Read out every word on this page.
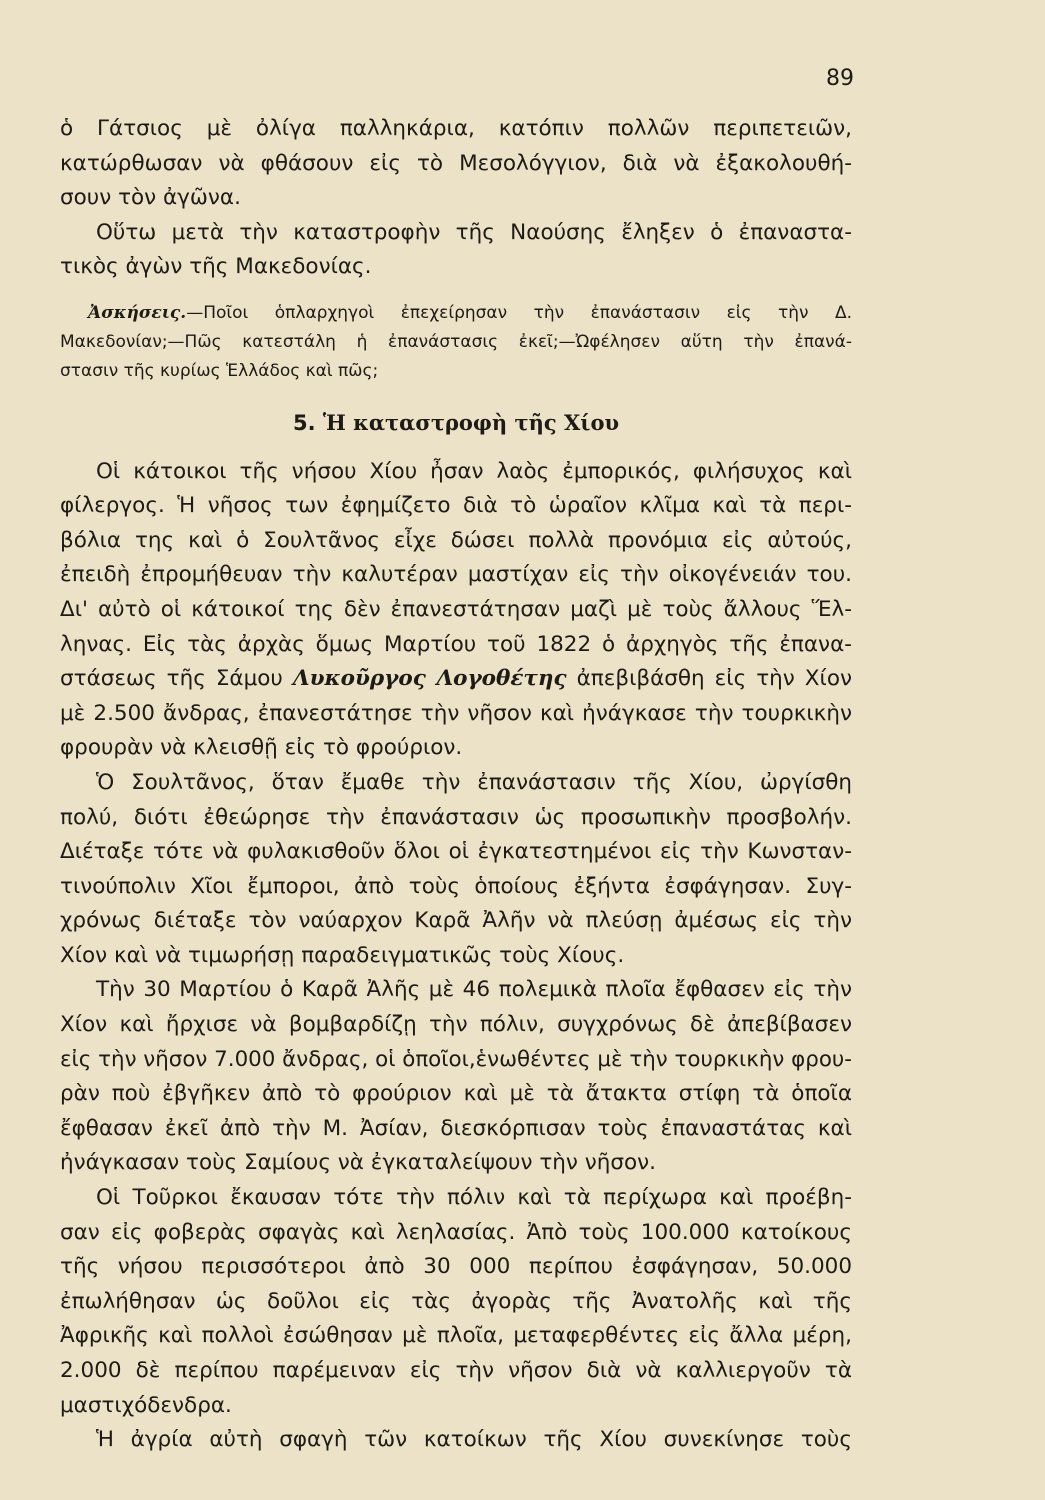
89
ὁ Γάτσιος μὲ ὀλίγα παλληκάρια, κατόπιν πολλῶν περιπετειῶν,
κατώρθωσαν νὰ φθάσουν εἰς τὸ Μεσολόγγιον, διὰ νὰ ἐξακολουθή-
σουν τὸν ἀγῶνα.
Οὕτω μετὰ τὴν καταστροφὴν τῆς Ναούσης ἔληξεν ὁ ἐπαναστα-
τικὸς ἀγὼν τῆς Μακεδονίας.
Ἀσκήσεις.—Ποῖοι ὁπλαρχηγοὶ ἐπεχείρησαν τὴν ἐπανάστασιν εἰς τὴν Δ.
Μακεδονίαν;—Πῶς κατεστάλη ἡ ἐπανάστασις ἐκεῖ;—Ὠφέλησεν αὕτη τὴν ἐπανά-
στασιν τῆς κυρίως Ἑλλάδος καὶ πῶς;
5. Ἡ καταστροφὴ τῆς Χίου
Οἱ κάτοικοι τῆς νήσου Χίου ἦσαν λαὸς ἐμπορικός, φιλήσυχος καὶ
φίλεργος. Ἡ νῆσος των ἐφημίζετο διὰ τὸ ὡραῖον κλῖμα καὶ τὰ περι-
βόλια της καὶ ὁ Σουλτᾶνος εἶχε δώσει πολλὰ προνόμια εἰς αὐτούς,
ἐπειδὴ ἐπρομήθευαν τὴν καλυτέραν μαστίχαν εἰς τὴν οἰκογένειάν του.
Δι' αὐτὸ οἱ κάτοικοί της δὲν ἐπανεστάτησαν μαζὶ μὲ τοὺς ἄλλους Ἕλ-
ληνας. Εἰς τὰς ἀρχὰς ὅμως Μαρτίου τοῦ 1822 ὁ ἀρχηγὸς τῆς ἐπανα-
στάσεως τῆς Σάμου Λυκοῦργος Λογοθέτης ἀπεβιβάσθη εἰς τὴν Χίον
μὲ 2.500 ἄνδρας, ἐπανεστάτησε τὴν νῆσον καὶ ἠνάγκασε τὴν τουρκικὴν
φρουρὰν νὰ κλεισθῇ εἰς τὸ φρούριον.
Ὁ Σουλτᾶνος, ὅταν ἔμαθε τὴν ἐπανάστασιν τῆς Χίου, ὠργίσθη
πολύ, διότι ἐθεώρησε τὴν ἐπανάστασιν ὡς προσωπικὴν προσβολήν.
Διέταξε τότε νὰ φυλακισθοῦν ὅλοι οἱ ἐγκατεστημένοι εἰς τὴν Κωνσταν-
τινούπολιν Χῖοι ἔμποροι, ἀπὸ τοὺς ὁποίους ἐξήντα ἐσφάγησαν. Συγ-
χρόνως διέταξε τὸν ναύαρχον Καρᾶ Ἀλῆν νὰ πλεύσῃ ἀμέσως εἰς τὴν
Χίον καὶ νὰ τιμωρήσῃ παραδειγματικῶς τοὺς Χίους.
Τὴν 30 Μαρτίου ὁ Καρᾶ Ἀλῆς μὲ 46 πολεμικὰ πλοῖα ἔφθασεν εἰς τὴν
Χίον καὶ ἤρχισε νὰ βομβαρδίζῃ τὴν πόλιν, συγχρόνως δὲ ἀπεβίβασεν
εἰς τὴν νῆσον 7.000 ἄνδρας, οἱ ὁποῖοι,ἑνωθέντες μὲ τὴν τουρκικὴν φρου-
ρὰν ποὺ ἐβγῆκεν ἀπὸ τὸ φρούριον καὶ μὲ τὰ ἄτακτα στίφη τὰ ὁποῖα
ἔφθασαν ἐκεῖ ἀπὸ τὴν Μ. Ἀσίαν, διεσκόρπισαν τοὺς ἐπαναστάτας καὶ
ἠνάγκασαν τοὺς Σαμίους νὰ ἐγκαταλείψουν τὴν νῆσον.
Οἱ Τοῦρκοι ἔκαυσαν τότε τὴν πόλιν καὶ τὰ περίχωρα καὶ προέβη-
σαν εἰς φοβερὰς σφαγὰς καὶ λεηλασίας. Ἀπὸ τοὺς 100.000 κατοίκους
τῆς νήσου περισσότεροι ἀπὸ 30 000 περίπου ἐσφάγησαν, 50.000
ἐπωλήθησαν ὡς δοῦλοι εἰς τὰς ἀγορὰς τῆς Ἀνατολῆς καὶ τῆς
Ἀφρικῆς καὶ πολλοὶ ἐσώθησαν μὲ πλοῖα, μεταφερθέντες εἰς ἄλλα μέρη,
2.000 δὲ περίπου παρέμειναν εἰς τὴν νῆσον διὰ νὰ καλλιεργοῦν τὰ
μαστιχόδενδρα.
Ἡ ἀγρία αὐτὴ σφαγὴ τῶν κατοίκων τῆς Χίου συνεκίνησε τοὺς
